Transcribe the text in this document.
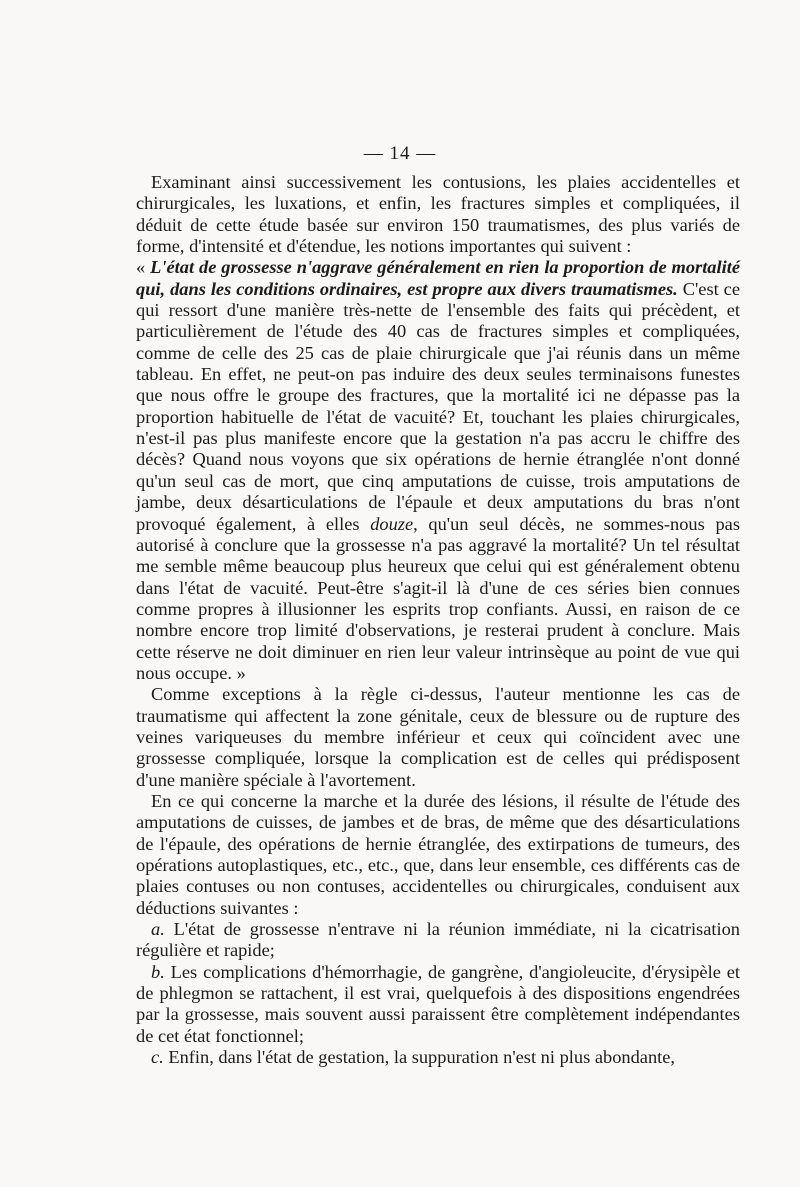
— 14 —

Examinant ainsi successivement les contusions, les plaies accidentelles et chirurgicales, les luxations, et enfin, les fractures simples et compliquées, il déduit de cette étude basée sur environ 150 traumatismes, des plus variés de forme, d'intensité et d'étendue, les notions importantes qui suivent :
« L'état de grossesse n'aggrave généralement en rien la proportion de mortalité qui, dans les conditions ordinaires, est propre aux divers traumatismes. C'est ce qui ressort d'une manière très-nette de l'ensemble des faits qui précèdent, et particulièrement de l'étude des 40 cas de fractures simples et compliquées, comme de celle des 25 cas de plaie chirurgicale que j'ai réunis dans un même tableau. En effet, ne peut-on pas induire des deux seules terminaisons funestes que nous offre le groupe des fractures, que la mortalité ici ne dépasse pas la proportion habituelle de l'état de vacuité? Et, touchant les plaies chirurgicales, n'est-il pas plus manifeste encore que la gestation n'a pas accru le chiffre des décès? Quand nous voyons que six opérations de hernie étranglée n'ont donné qu'un seul cas de mort, que cinq amputations de cuisse, trois amputations de jambe, deux désarticulations de l'épaule et deux amputations du bras n'ont provoqué également, à elles douze, qu'un seul décès, ne sommes-nous pas autorisé à conclure que la grossesse n'a pas aggravé la mortalité? Un tel résultat me semble même beaucoup plus heureux que celui qui est généralement obtenu dans l'état de vacuité. Peut-être s'agit-il là d'une de ces séries bien connues comme propres à illusionner les esprits trop confiants. Aussi, en raison de ce nombre encore trop limité d'observations, je resterai prudent à conclure. Mais cette réserve ne doit diminuer en rien leur valeur intrinsèque au point de vue qui nous occupe. »

Comme exceptions à la règle ci-dessus, l'auteur mentionne les cas de traumatisme qui affectent la zone génitale, ceux de blessure ou de rupture des veines variqueuses du membre inférieur et ceux qui coïncident avec une grossesse compliquée, lorsque la complication est de celles qui prédisposent d'une manière spéciale à l'avortement.

En ce qui concerne la marche et la durée des lésions, il résulte de l'étude des amputations de cuisses, de jambes et de bras, de même que des désarticulations de l'épaule, des opérations de hernie étranglée, des extirpations de tumeurs, des opérations autoplastiques, etc., etc., que, dans leur ensemble, ces différents cas de plaies contuses ou non contuses, accidentelles ou chirurgicales, conduisent aux déductions suivantes :

a. L'état de grossesse n'entrave ni la réunion immédiate, ni la cicatrisation régulière et rapide;

b. Les complications d'hémorrhagie, de gangrène, d'angioleucite, d'érysipèle et de phlegmon se rattachent, il est vrai, quelquefois à des dispositions engendrées par la grossesse, mais souvent aussi paraissent être complètement indépendantes de cet état fonctionnel;

c. Enfin, dans l'état de gestation, la suppuration n'est ni plus abondante,
